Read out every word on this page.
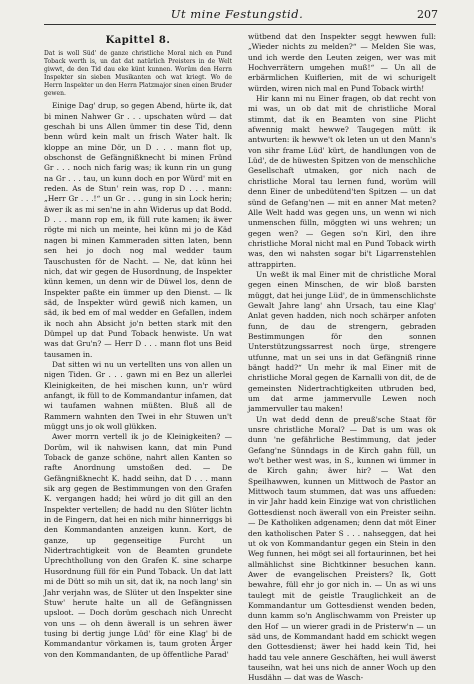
Ut mine Festungstid.	207
Kapittel 8.

Dat is woll Süd' de ganze christliche Moral nich en Pund Toback werth is, un dat dat natürlich Preisters in de Welt giwwt, de den Tid dau eke künt kunnen. Worüm den Herrn Inspekter sin sieben Musikanten och wat kriegt. Wo de Herrn Inspekter un den Herrn Platzmajor sinen einen Bruder gewen.

Einige Dag' drup, so gegen Abend, hürte ik, dat bi minen Nahwer Gr . . . upschaten würd — dat geschah bi uns Allen ümmer tin dese Tid, denn benn würd kein malt un frisch Water halt. Ik kloppe an mine Dör, un D . . . mann flot up, obschonst de Gefängnißknecht bi minen Fründ Gr . . . noch nich farig was; ik kunn rin un gung na Gr . . . tau, un kunn doch en por Würd' mit en reden. As de Stun' rein was, rop D . . . mann: „Herr Gr . . .!“ un Gr . . . gung in sin Lock herin; äwer ik as mi sen'ne in ahn Widerus up dat Bodd. D . . . mann rop em, ik füll rute kamen; ik äwer rögte mi nich un meinte, hei künn mi jo de Käd nagen bi minen Kammeraden sitten laten, benn sen hei jo doch nog mal wedder taum Tauschusten för de Nacht. — Ne, dat künn hei nich, dat wir gegen de Husordnung, de Inspekter künn kemen, un denn wir de Düwel los, denn de Inspekter paßte ein ümmer up den Dienst. — Ik säd, de Inspekter würd gewiß nich kamen, un säd, ik bed em of mal wedder en Gefallen, indem ik noch ahn Absicht jo'n betten stark mit den Dümpel up dat Pund Toback henwiste. Un wat was dat Gru'n? — Herr D . . . mann flot uns Beid tausamen in.

Dat sitten wi nu un vertellten uns von allen un nigen Tiden. Gr . . . gawn mi en Bez un allerlei Kleinigkeiten, de hei mischen kunn, un'r würd anfangt, ik füll to de Kommandantur infamen, dat wi taufamen wahnen müßten. Bluß all de Rammern wahnten den Twei in ehr Stuwen un't müggt uns jo ok woll glükken.

Awer morrn vertell ik jo de Kleinigkeiten? — Dorüm, wil ik nahwisen kann, dat min Pund Toback de ganze schöne, nahrt allen Kanten so rafte Anordnung umstoßen ded. — De Gefängnißknecht K. hadd seihn, dat D . . . mann sik arg gegen de Bestimmungen von den Grafen K. vergangen hadd; hei würd jo dit gill an den Inspekter vertellen; de hadd nu den Slüter lichtn in de Fingern, dat hei en nich mihr hinnerriggs bi den Kommandanten anzeigen kunn. Kort, de ganze, up gegenseitige Furcht un Nidertrachtigkeit von de Beamten grundete Uprechthollung von den Grafen K. sine scharpe Husordnung füll för ein Pund Toback. Un dat latt mi de Dütt so mih un sit, dat ik, na noch lang' sin Jahr verjahn was, de Slüter ut den Inspekter sine Stuw' herute halte un all de Gefängnissen upsloot. — Doch dorüm geschach nich Unrecht von uns — oh denn äwerall is un sehren äwer tusing bi dertig junge Lüd' för eine Klag' bi de Kommandantur vörkamen is, taum groten Ärger von den Kommandanten, de up öffentliche Parad'

wütbend dat den Inspekter seggt hewwen full: „Wieder nichts zu melden?“ — Melden Sie was, und ich werde den Leuten zeigen, wer was mit Hochverrätern umgehen muß!“ — Un all de erbärmlichen Kuiflerien, mit de wi schurigelt würden, wiren nich mal en Pund Toback wirth!

Hir kann mi nu Einer fragen, ob dat recht von mi was, un ob dat mit de christliche Moral stimmt, dat ik en Beamten von sine Plicht afwennig makt hewwe? Taugegen mütt ik antwurten: ik hewwe't ok leten un ut den Mann's von sihr frame Lüd' kürt, de handlungen von de Lüd', de de hüwesten Spitzen von de menschliche Gesellschaft utmaken, gor nich nach de christliche Moral tau lernen fund, worüm will denn Einer de unbedütend'ten Spitzen — un dat sünd de Gefang'nen — mit en anner Mat meten? Alle Welt hadd was gegen uns, un wenn wi nich unmenschen fülln, möggten wi uns wehren; un gegen wen? — Gegen so'n Kirl, den ihre christliche Moral nicht mal en Pund Toback wirth was, den wi nahsten sogar bi't Ligarrenstehlen attrappirten.

Un weßt ik mal Einer mit de christliche Moral gegen einen Minschen, de wir bloß barsten müggt, dat hei junge Lüd', de in ümmenschlichste Gewalt Jahre lang' ahn Ursach, tau eine Klag' Anlat geven hadden, nich noch schärper anfoten funn, de dau de strengern, gebraden Bestimmungen för den sonnen Unterstützungssarrest noch ürge, strengere utfunne, mat un sei uns in dat Gefängniß rinne bängt hadd?“ Un mehr ik mal Einer mit de christliche Moral gegen de Karnalli von dit, de de gemeinsten Nidertrachtigkeiten utbruden bed, um dat arme jammervulle Lewen noch jammervuller tau maken!

Un wat dedd denn de preuß'sche Staat för unsre christliche Moral? — Dat is um was ok dunn 'ne gefährliche Bestimmung, dat jeder Gefang'ne Sünndags in de Kirch gahn füll, un wo't bether west was, in S., kunnen wi ümmer in de Kirch gahn; äwer hir? — Wat den Speilhawwen, kunnen un Mittwoch de Pastor an Mittwoch taum stummen, dat was uns affueden: in vir Jahr hadd kein Einzige wat von christlichen Gottesdienst noch äwerall von ein Preister seihn. — De Katholiken adgenamen; denn dat möt Einer den katholischen Pater S . . . nahseggen, dat hei ut ok von Kommandantur gegen ein Stein in den Weg funnen, hei mögt sei all fortaurinnen, bet hei allmählichst sine Bichtkinner besuchen kann. Awer de evangelischen Preisters? Ik, Gott bewahre, füll ehr jo gor nich in. — Un as wi uns taulegt mit de geistle Trauglichkeit an de Kommandantur um Gottesdienst wenden beden, dunn kamm so'n Anglischwamm von Preister up den Hof — un wierer gradi in de Pristerw'n — un säd uns, de Kommandant hadd em schickt wegen den Gottesdienst; äwer hei hadd kein Tid, hei hadd tau vele annere Geschäften, hei wull äwerst tauseihn, wat hei uns nich de anner Woch up den Husdähn — dat was de Wasch-
